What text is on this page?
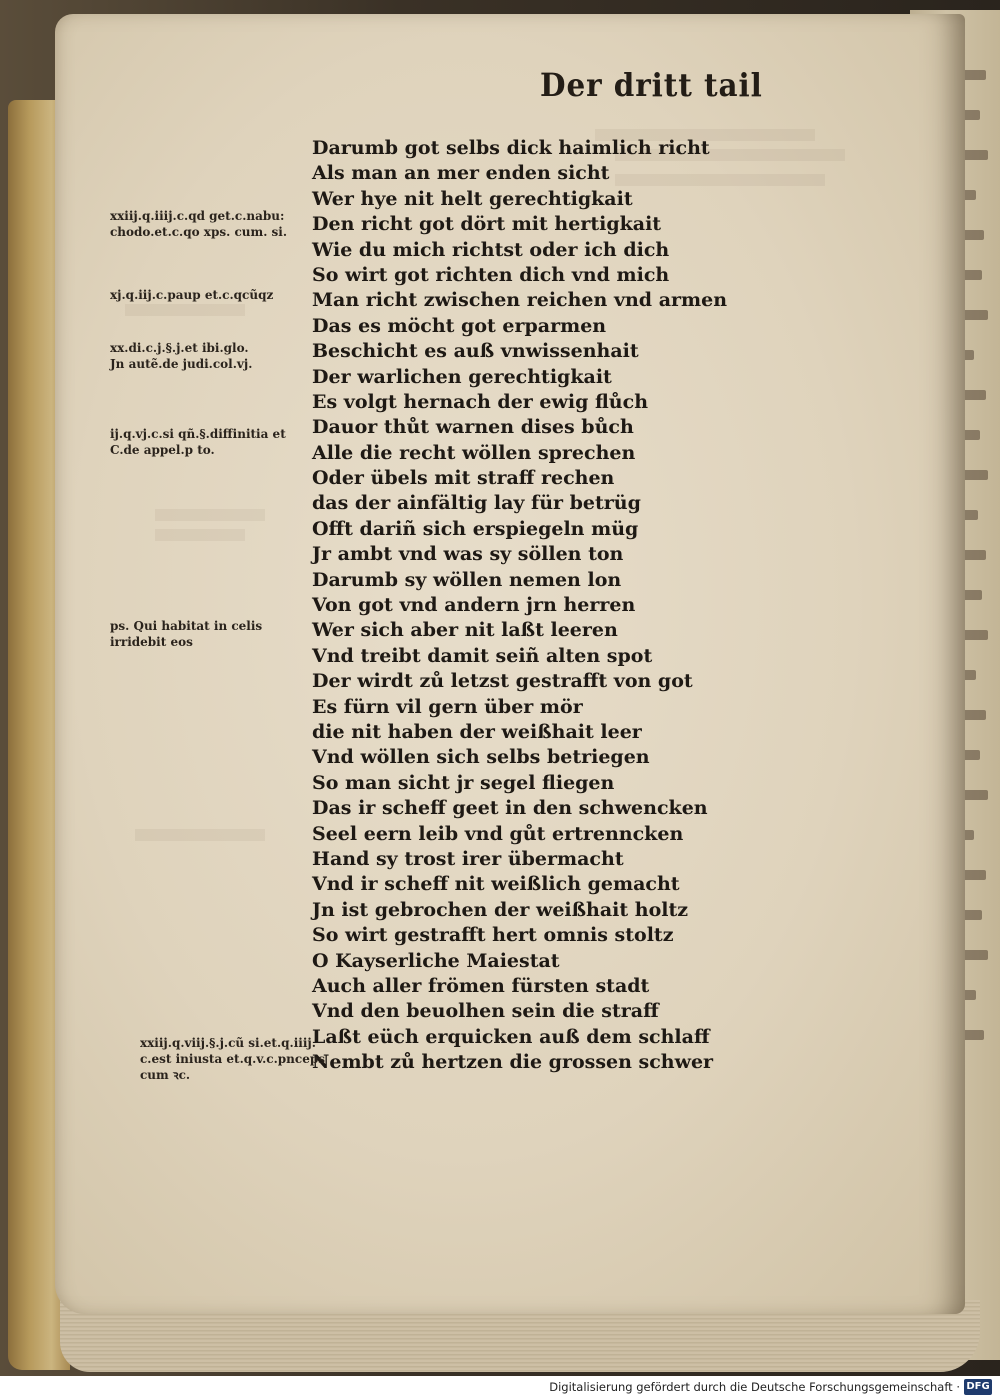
Der dritt tail
Darumb got selbs dick haimlich richt
Als man an mer enden sicht
Wer hye nit helt gerechtigkait
Den richt got dört mit hertigkait
Wie du mich richtst oder ich dich
So wirt got richten dich vnd mich
Man richt zwischen reichen vnd armen
Das es möcht got erparmen
Beschicht es auß vnwissenhait
Der warlichen gerechtigkait
Es volgt hernach der ewig flůch
Dauor thůt warnen dises bůch
Alle die recht wöllen sprechen
Oder übels mit straff rechen
das der ainfältig lay für betrüg
Offt dariñ sich erspiegeln müg
Jr ambt vnd was sy söllen ton
Darumb sy wöllen nemen lon
Von got vnd andern jrn herren
Wer sich aber nit laßt leeren
Vnd treibt damit seiñ alten spot
Der wirdt zů letzst gestrafft von got
Es fürn vil gern über mör
die nit haben der weißhait leer
Vnd wöllen sich selbs betriegen
So man sicht jr segel fliegen
Das ir scheff geet in den schwencken
Seel eern leib vnd gůt ertrenncken
Hand sy trost irer übermacht
Vnd ir scheff nit weißlich gemacht
Jn ist gebrochen der weißhait holtz
So wirt gestrafft hert omnis stoltz
O Kayserliche Maiestat
Auch aller frömen fürsten stadt
Vnd den beuolhen sein die straff
Laßt eüch erquicken auß dem schlaff
Nembt zů hertzen die grossen schwer
xxiij.q.iiij.c.qd get.c.nabu:
chodo.et.c.qo xps. cum. si.
xj.q.iij.c.paup et.c.qcũqz
xx.di.c.j.§.j.et ibi.glo.
Jn autẽ.de judi.col.vj.
ij.q.vj.c.si qñ.§.diffinitia et
C.de appel.p to.
ps. Qui habitat in celis
irridebit eos
xxiij.q.viij.§.j.cũ si.et.q.iiij.
c.est iniusta et.q.v.c.pnceps
cum ꝛc.
Digitalisierung gefördert durch die Deutsche Forschungsgemeinschaft · DFG
